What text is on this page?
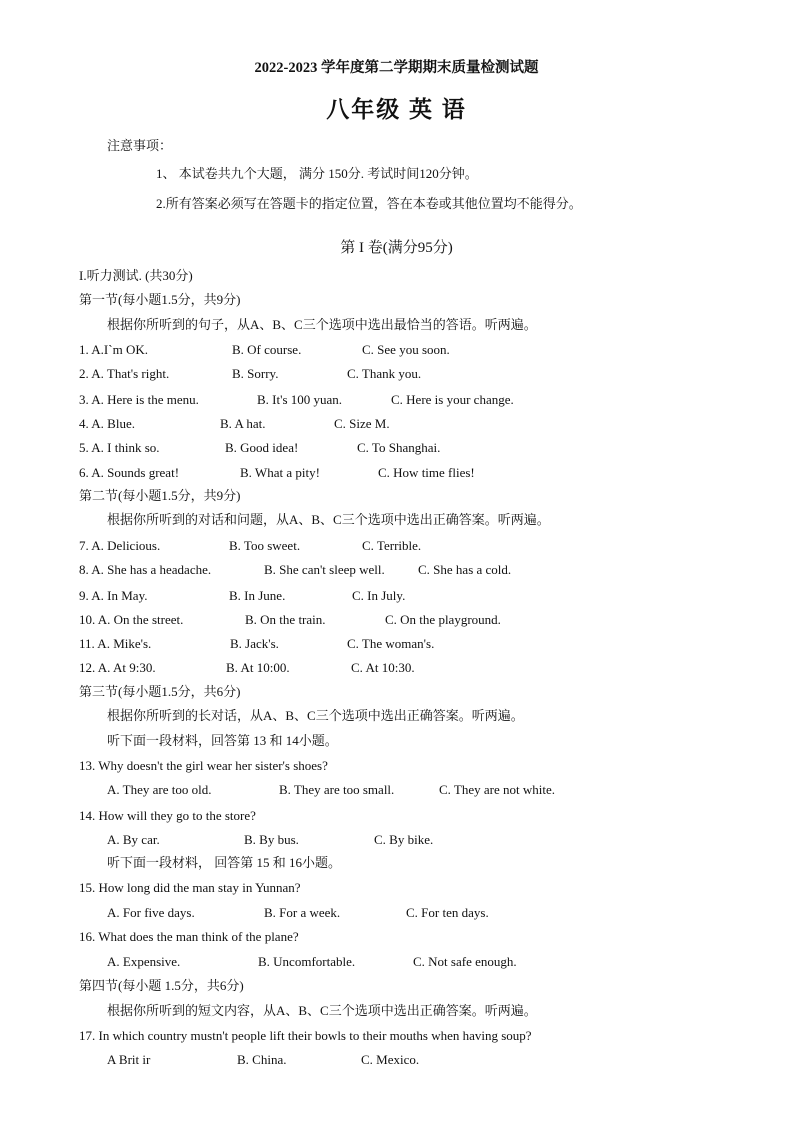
2022-2023 学年度第二学期期末质量检测试题
八年级 英 语
注意事项：
1、 本试卷共九个大题， 满分 150分. 考试时间120分钟。
2.所有答案必须写在答题卡的指定位置，答在本卷或其他位置均不能得分。
第 I 卷(满分95分)
I.听力测试. (共30分)
第一节(每小题1.5分，共9分)
根据你所听到的句子，从A、B、C三个选项中选出最恰当的答语。听两遍。
1. A.I`m OK.	B. Of course.	C. See you soon.
2. A. That's right.	B. Sorry.	C. Thank you.
3. A. Here is the menu.	B. It's 100 yuan.	C. Here is your change.
4. A. Blue.	B. A hat.	C. Size M.
5. A. I think so.	B. Good idea!	C. To Shanghai.
6. A. Sounds great!	B. What a pity!	C. How time flies!
第二节(每小题1.5分，共9分)
根据你所听到的对话和问题，从A、B、C三个选项中选出正确答案。听两遍。
7. A. Delicious.	B. Too sweet.	C. Terrible.
8. A. She has a headache.	B. She can't sleep well.	C. She has a cold.
9. A. In May.	B. In June.	C. In July.
10. A. On the street.	B. On the train.	C. On the playground.
11. A. Mike's.	B. Jack's.	C. The woman's.
12. A. At 9:30.	B. At 10:00.	C. At 10:30.
第三节(每小题1.5分，共6分)
根据你所听到的长对话，从A、B、C三个选项中选出正确答案。听两遍。
听下面一段材料，回答第 13 和 14小题。
13. Why doesn't the girl wear her sister's shoes?
A. They are too old.	B. They are too small.	C. They are not white.
14. How will they go to the store?
A. By car.	B. By bus.	C. By bike.
听下面一段材料， 回答第 15 和 16小题。
15. How long did the man stay in Yunnan?
A. For five days.	B. For a week.	C. For ten days.
16. What does the man think of the plane?
A. Expensive.	B. Uncomfortable.	C. Not safe enough.
第四节(每小题 1.5分，共6分)
根据你所听到的短文内容，从A、B、C三个选项中选出正确答案。听两遍。
17. In which country mustn't people lift their bowls to their mouths when having soup?
A Brit ir	B. China.	C. Mexico.
